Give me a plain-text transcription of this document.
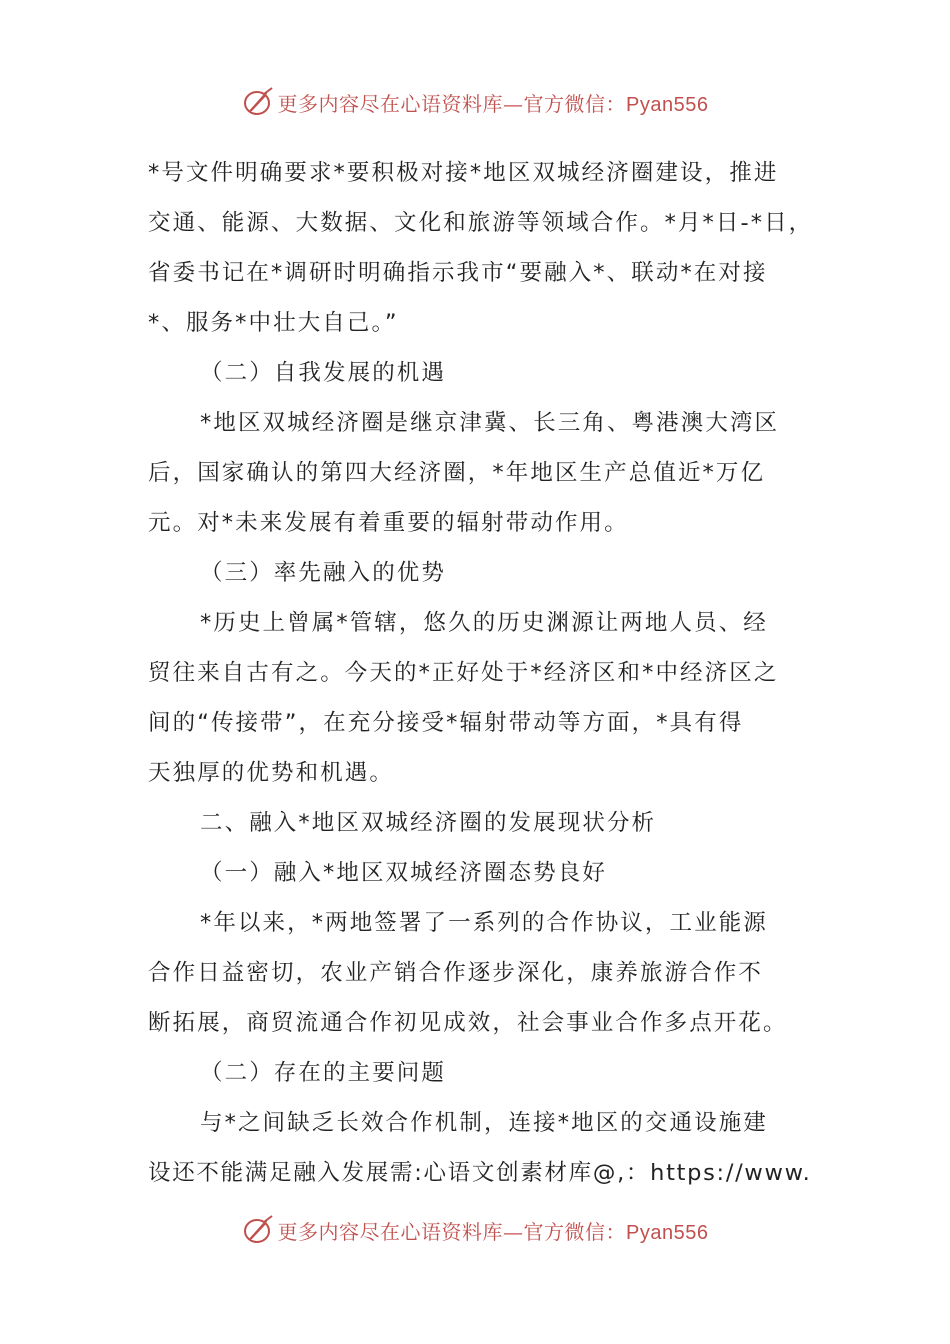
更多内容尽在心语资料库—官方微信：Pyan556
*号文件明确要求*要积极对接*地区双城经济圈建设，推进
交通、能源、大数据、文化和旅游等领域合作。*月*日-*日，
省委书记在*调研时明确指示我市“要融入*、联动*在对接
*、服务*中壮大自己。”
（二）自我发展的机遇
*地区双城经济圈是继京津冀、长三角、粤港澳大湾区
后，国家确认的第四大经济圈，*年地区生产总值近*万亿
元。对*未来发展有着重要的辐射带动作用。
（三）率先融入的优势
*历史上曾属*管辖，悠久的历史渊源让两地人员、经
贸往来自古有之。今天的*正好处于*经济区和*中经济区之
间的“传接带”，在充分接受*辐射带动等方面，*具有得
天独厚的优势和机遇。
二、融入*地区双城经济圈的发展现状分析
（一）融入*地区双城经济圈态势良好
*年以来，*两地签署了一系列的合作协议，工业能源
合作日益密切，农业产销合作逐步深化，康养旅游合作不
断拓展，商贸流通合作初见成效，社会事业合作多点开花。
（二）存在的主要问题
与*之间缺乏长效合作机制，连接*地区的交通设施建
设还不能满足融入发展需:心语文创素材库@,：https://www.
更多内容尽在心语资料库—官方微信：Pyan556
